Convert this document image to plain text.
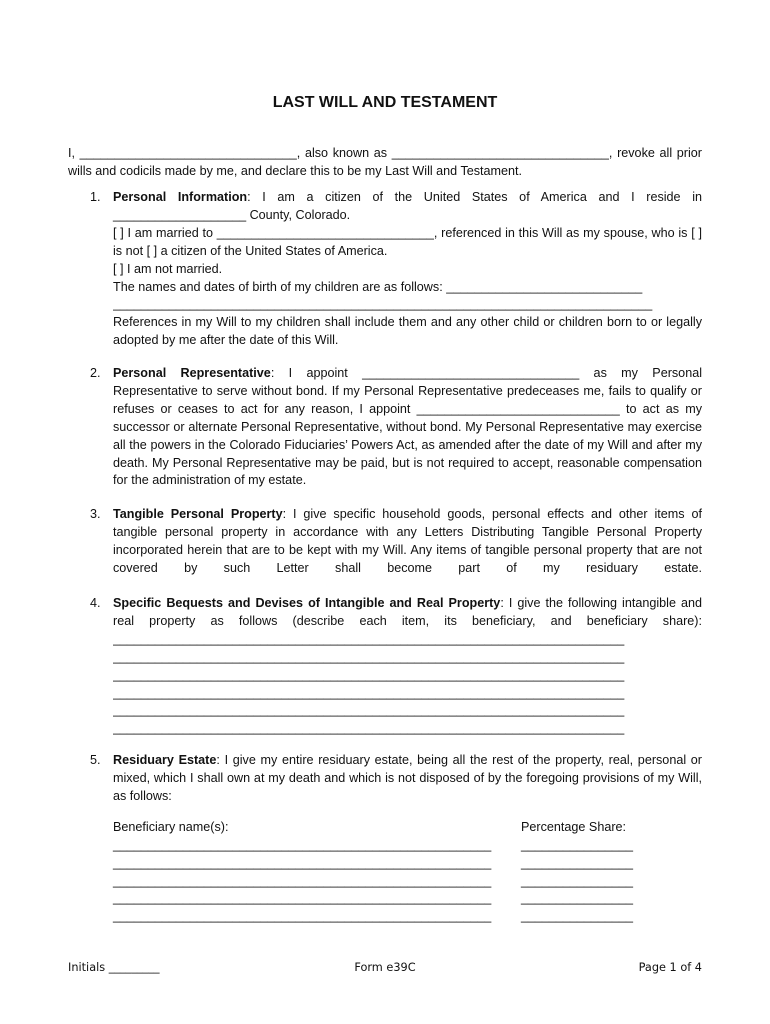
LAST WILL AND TESTAMENT
I, _______________________________, also known as _______________________________, revoke all prior wills and codicils made by me, and declare this to be my Last Will and Testament.
1. Personal Information: I am a citizen of the United States of America and I reside in ___________________ County, Colorado.

[ ] I am married to _______________________________, referenced in this Will as my spouse, who is [ ] is not [ ] a citizen of the United States of America.

[ ] I am not married.

The names and dates of birth of my children are as follows: ____________________________

_____________________________________________________________________________

References in my Will to my children shall include them and any other child or children born to or legally adopted by me after the date of this Will.

2. Personal Representative: I appoint _______________________________ as my Personal Representative to serve without bond. If my Personal Representative predeceases me, fails to qualify or refuses or ceases to act for any reason, I appoint _____________________________ to act as my successor or alternate Personal Representative, without bond. My Personal Representative may exercise all the powers in the Colorado Fiduciaries’ Powers Act, as amended after the date of my Will and after my death. My Personal Representative may be paid, but is not required to accept, reasonable compensation for the administration of my estate.

3. Tangible Personal Property: I give specific household goods, personal effects and other items of tangible personal property in accordance with any Letters Distributing Tangible Personal Property incorporated herein that are to be kept with my Will. Any items of tangible personal property that are not covered by such Letter shall become part of my residuary estate.

4. Specific Bequests and Devises of Intangible and Real Property: I give the following intangible and real property as follows (describe each item, its beneficiary, and beneficiary share):

_________________________________________________________________________

_________________________________________________________________________

_________________________________________________________________________

_________________________________________________________________________

_________________________________________________________________________

_________________________________________________________________________

5. Residuary Estate: I give my entire residuary estate, being all the rest of the property, real, personal or mixed, which I shall own at my death and which is not disposed of by the foregoing provisions of my Will, as follows:

Beneficiary name(s):	Percentage Share:
______________________________________________________	________________
______________________________________________________	________________
______________________________________________________	________________
______________________________________________________	________________
______________________________________________________	________________
Initials _________	Form e39C	Page 1 of 4
